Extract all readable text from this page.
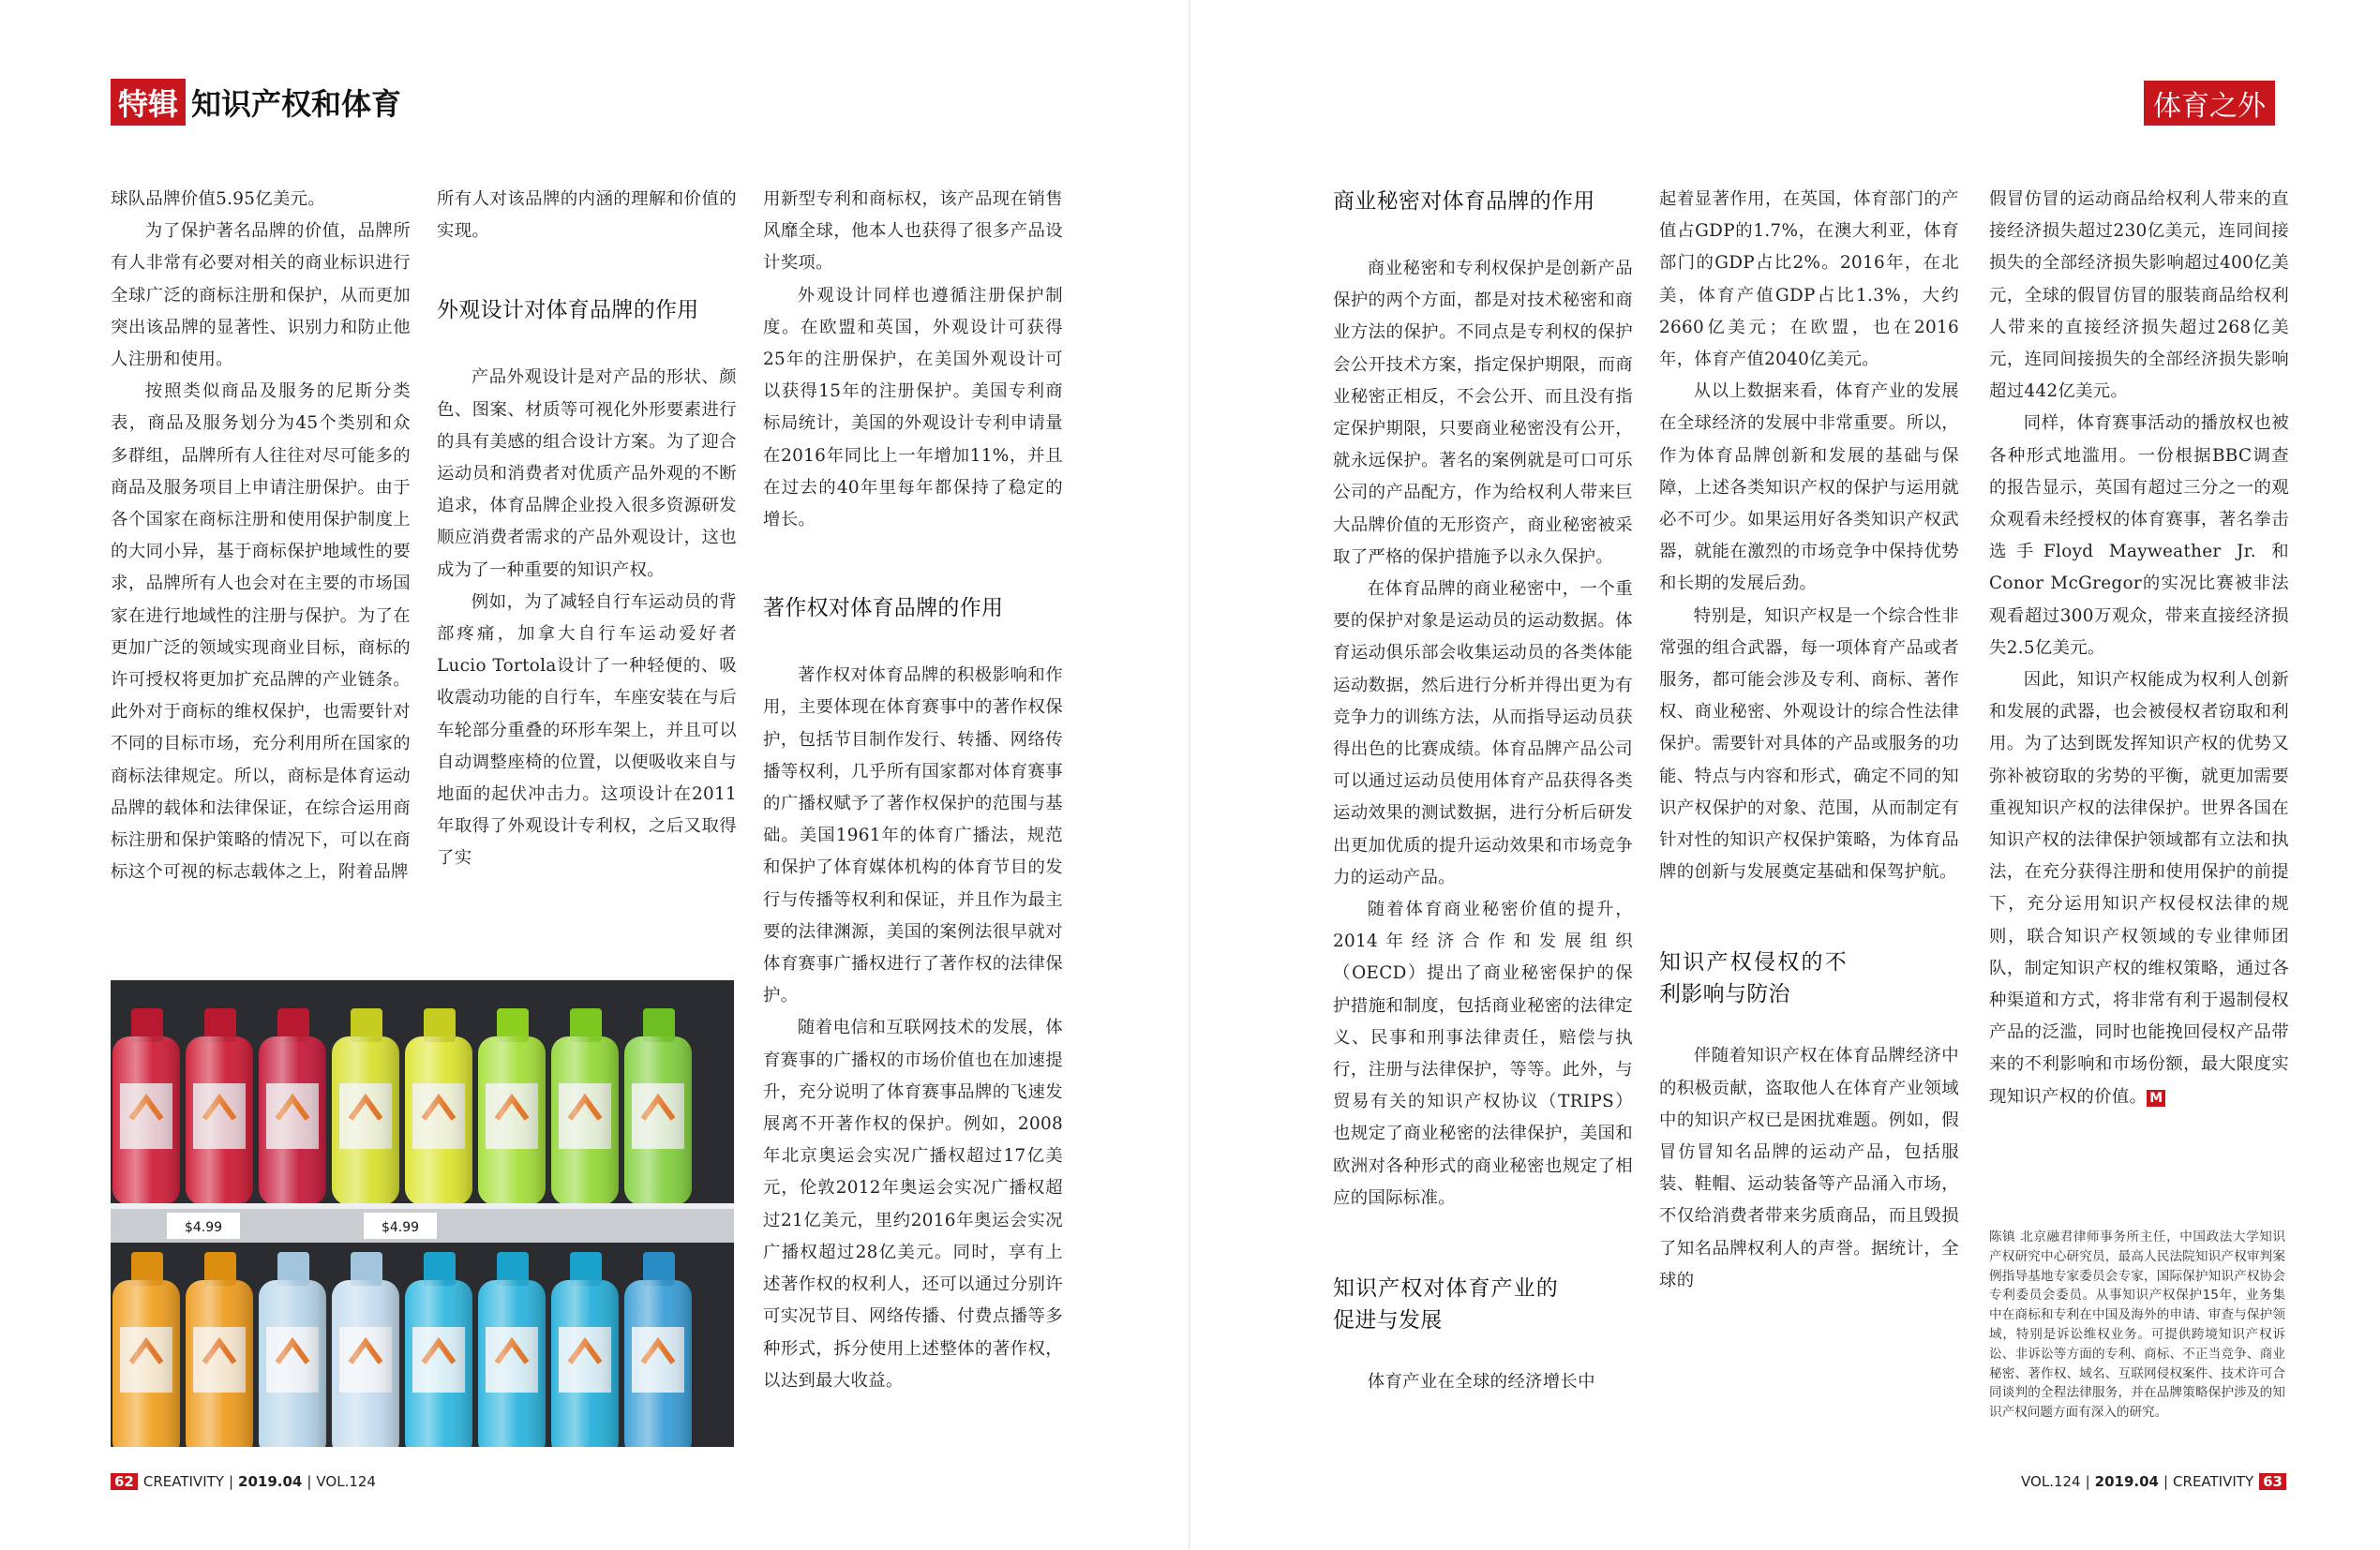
特辑 知识产权和体育

球队品牌价值5.95亿美元。

为了保护著名品牌的价值，品牌所有人非常有必要对相关的商业标识进行全球广泛的商标注册和保护，从而更加突出该品牌的显著性、识别力和防止他人注册和使用。

按照类似商品及服务的尼斯分类表，商品及服务划分为45个类别和众多群组，品牌所有人往往对尽可能多的商品及服务项目上申请注册保护。由于各个国家在商标注册和使用保护制度上的大同小异，基于商标保护地域性的要求，品牌所有人也会对在主要的市场国家在进行地域性的注册与保护。为了在更加广泛的领域实现商业目标，商标的许可授权将更加扩充品牌的产业链条。此外对于商标的维权保护，也需要针对不同的目标市场，充分利用所在国家的商标法律规定。所以，商标是体育运动品牌的载体和法律保证，在综合运用商标注册和保护策略的情况下，可以在商标这个可视的标志载体之上，附着品牌

所有人对该品牌的内涵的理解和价值的实现。

外观设计对体育品牌的作用

产品外观设计是对产品的形状、颜色、图案、材质等可视化外形要素进行的具有美感的组合设计方案。为了迎合运动员和消费者对优质产品外观的不断追求，体育品牌企业投入很多资源研发顺应消费者需求的产品外观设计，这也成为了一种重要的知识产权。

例如，为了减轻自行车运动员的背部疼痛，加拿大自行车运动爱好者Lucio Tortola设计了一种轻便的、吸收震动功能的自行车，车座安装在与后车轮部分重叠的环形车架上，并且可以自动调整座椅的位置，以便吸收来自与地面的起伏冲击力。这项设计在2011年取得了外观设计专利权，之后又取得了实

用新型专利和商标权，该产品现在销售风靡全球，他本人也获得了很多产品设计奖项。

外观设计同样也遵循注册保护制度。在欧盟和英国，外观设计可获得25年的注册保护，在美国外观设计可以获得15年的注册保护。美国专利商标局统计，美国的外观设计专利申请量在2016年同比上一年增加11%，并且在过去的40年里每年都保持了稳定的增长。

著作权对体育品牌的作用

著作权对体育品牌的积极影响和作用，主要体现在体育赛事中的著作权保护，包括节目制作发行、转播、网络传播等权利，几乎所有国家都对体育赛事的广播权赋予了著作权保护的范围与基础。美国1961年的体育广播法，规范和保护了体育媒体机构的体育节目的发行与传播等权利和保证，并且作为最主要的法律渊源，美国的案例法很早就对体育赛事广播权进行了著作权的法律保护。

随着电信和互联网技术的发展，体育赛事的广播权的市场价值也在加速提升，充分说明了体育赛事品牌的飞速发展离不开著作权的保护。例如，2008年北京奥运会实况广播权超过17亿美元，伦敦2012年奥运会实况广播权超过21亿美元，里约2016年奥运会实况广播权超过28亿美元。同时，享有上述著作权的权利人，还可以通过分别许可实况节目、网络传播、付费点播等多种形式，拆分使用上述整体的著作权，以达到最大收益。

$4.99	$4.99
62 CREATIVITY | 2019.04 | VOL.124
体育之外
商业秘密对体育品牌的作用

商业秘密和专利权保护是创新产品保护的两个方面，都是对技术秘密和商业方法的保护。不同点是专利权的保护会公开技术方案，指定保护期限，而商业秘密正相反，不会公开、而且没有指定保护期限，只要商业秘密没有公开，就永远保护。著名的案例就是可口可乐公司的产品配方，作为给权利人带来巨大品牌价值的无形资产，商业秘密被采取了严格的保护措施予以永久保护。

在体育品牌的商业秘密中，一个重要的保护对象是运动员的运动数据。体育运动俱乐部会收集运动员的各类体能运动数据，然后进行分析并得出更为有竞争力的训练方法，从而指导运动员获得出色的比赛成绩。体育品牌产品公司可以通过运动员使用体育产品获得各类运动效果的测试数据，进行分析后研发出更加优质的提升运动效果和市场竞争力的运动产品。

随着体育商业秘密价值的提升，2014年经济合作和发展组织（OECD）提出了商业秘密保护的保护措施和制度，包括商业秘密的法律定义、民事和刑事法律责任，赔偿与执行，注册与法律保护，等等。此外，与贸易有关的知识产权协议（TRIPS）也规定了商业秘密的法律保护，美国和欧洲对各种形式的商业秘密也规定了相应的国际标准。

知识产权对体育产业的促进与发展

体育产业在全球的经济增长中

起着显著作用，在英国，体育部门的产值占GDP的1.7%，在澳大利亚，体育部门的GDP占比2%。2016年，在北美，体育产值GDP占比1.3%，大约2660亿美元；在欧盟，也在2016年，体育产值2040亿美元。

从以上数据来看，体育产业的发展在全球经济的发展中非常重要。所以，作为体育品牌创新和发展的基础与保障，上述各类知识产权的保护与运用就必不可少。如果运用好各类知识产权武器，就能在激烈的市场竞争中保持优势和长期的发展后劲。

特别是，知识产权是一个综合性非常强的组合武器，每一项体育产品或者服务，都可能会涉及专利、商标、著作权、商业秘密、外观设计的综合性法律保护。需要针对具体的产品或服务的功能、特点与内容和形式，确定不同的知识产权保护的对象、范围，从而制定有针对性的知识产权保护策略，为体育品牌的创新与发展奠定基础和保驾护航。

知识产权侵权的不利影响与防治

伴随着知识产权在体育品牌经济中的积极贡献，盗取他人在体育产业领域中的知识产权已是困扰难题。例如，假冒仿冒知名品牌的运动产品，包括服装、鞋帽、运动装备等产品涌入市场，不仅给消费者带来劣质商品，而且毁损了知名品牌权利人的声誉。据统计，全球的

假冒仿冒的运动商品给权利人带来的直接经济损失超过230亿美元，连同间接损失的全部经济损失影响超过400亿美元，全球的假冒仿冒的服装商品给权利人带来的直接经济损失超过268亿美元，连同间接损失的全部经济损失影响超过442亿美元。

同样，体育赛事活动的播放权也被各种形式地滥用。一份根据BBC调查的报告显示，英国有超过三分之一的观众观看未经授权的体育赛事，著名拳击选手Floyd Mayweather Jr. 和Conor McGregor的实况比赛被非法观看超过300万观众，带来直接经济损失2.5亿美元。

因此，知识产权能成为权利人创新和发展的武器，也会被侵权者窃取和利用。为了达到既发挥知识产权的优势又弥补被窃取的劣势的平衡，就更加需要重视知识产权的法律保护。世界各国在知识产权的法律保护领域都有立法和执法，在充分获得注册和使用保护的前提下，充分运用知识产权侵权法律的规则，联合知识产权领域的专业律师团队，制定知识产权的维权策略，通过各种渠道和方式，将非常有利于遏制侵权产品的泛滥，同时也能挽回侵权产品带来的不利影响和市场份额，最大限度实现知识产权的价值。 M

VOL.124 | 2019.04 | CREATIVITY 63
陈镇 北京融君律师事务所主任，中国政法大学知识产权研究中心研究员，最高人民法院知识产权审判案例指导基地专家委员会专家，国际保护知识产权协会专利委员会委员。从事知识产权保护15年，业务集中在商标和专利在中国及海外的申请、审查与保护领域，特别是诉讼维权业务。可提供跨境知识产权诉讼、非诉讼等方面的专利、商标、不正当竞争、商业秘密、著作权、域名、互联网侵权案件、技术许可合同谈判的全程法律服务，并在品牌策略保护涉及的知识产权问题方面有深入的研究。
